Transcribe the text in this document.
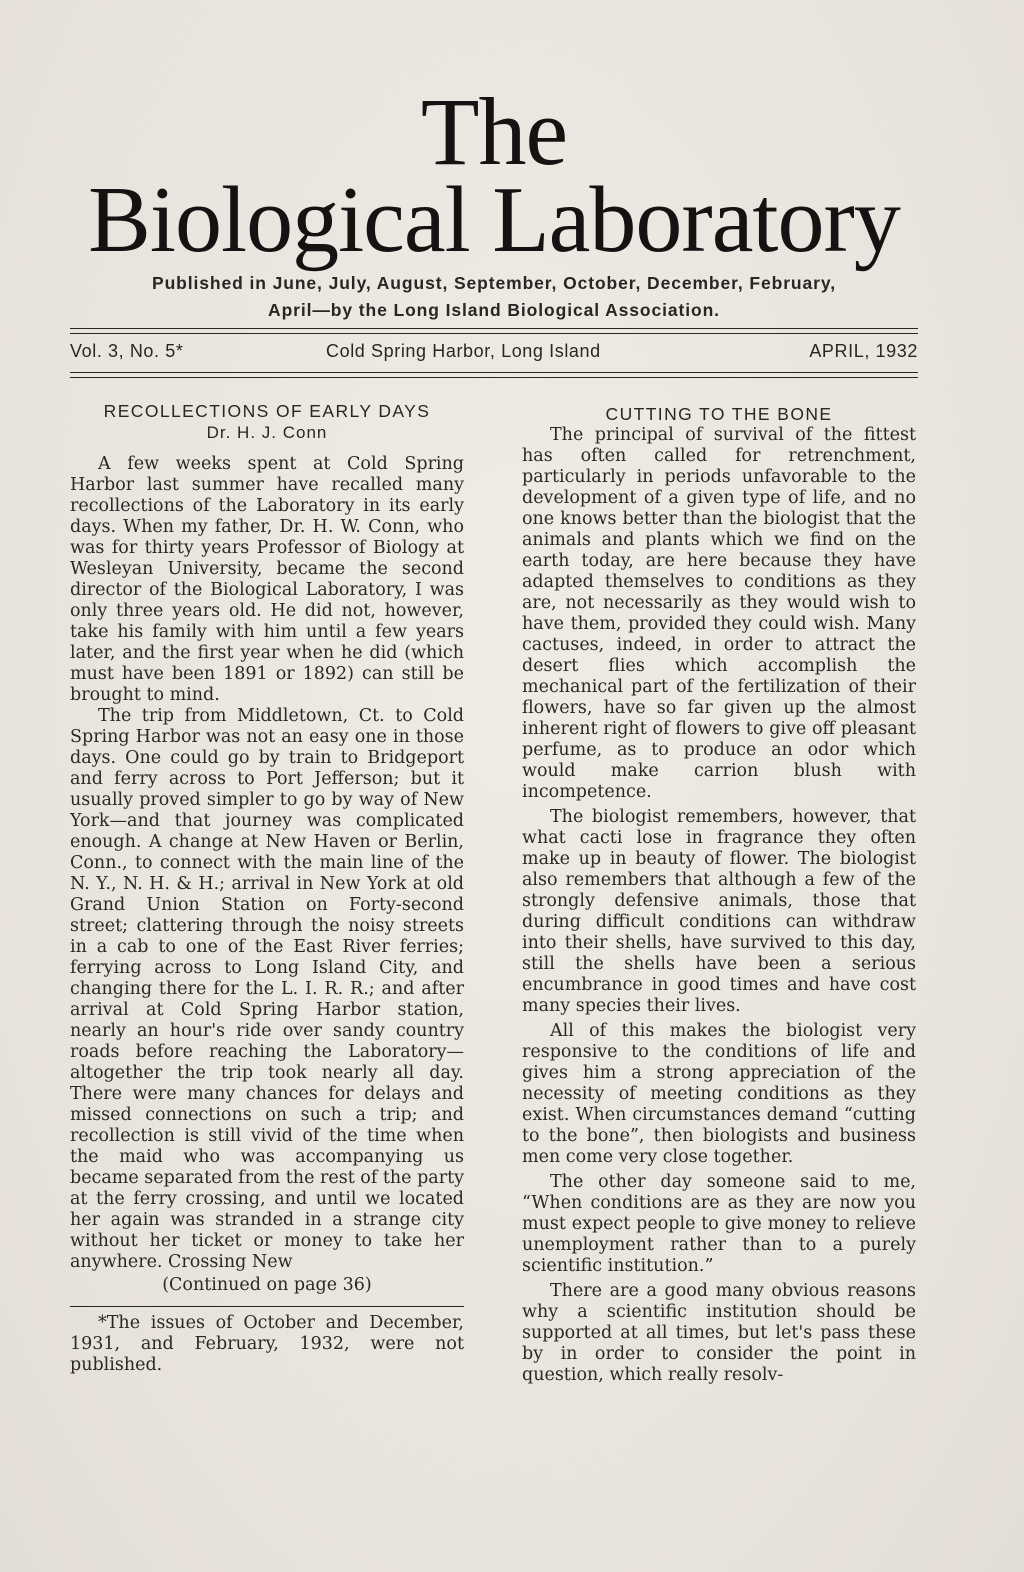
The
Biological Laboratory
Published in June, July, August, September, October, December, February,
April—by the Long Island Biological Association.
Vol. 3, No. 5*	Cold Spring Harbor, Long Island	APRIL, 1932
RECOLLECTIONS OF EARLY DAYS
Dr. H. J. Conn

A few weeks spent at Cold Spring Harbor last summer have recalled many recollections of the Laboratory in its early days. When my father, Dr. H. W. Conn, who was for thirty years Professor of Biology at Wesleyan University, became the second director of the Biological Laboratory, I was only three years old. He did not, however, take his family with him until a few years later, and the first year when he did (which must have been 1891 or 1892) can still be brought to mind.

The trip from Middletown, Ct. to Cold Spring Harbor was not an easy one in those days. One could go by train to Bridgeport and ferry across to Port Jefferson; but it usually proved simpler to go by way of New York—and that journey was complicated enough. A change at New Haven or Berlin, Conn., to connect with the main line of the N. Y., N. H. & H.; arrival in New York at old Grand Union Station on Forty-second street; clattering through the noisy streets in a cab to one of the East River ferries; ferrying across to Long Island City, and changing there for the L. I. R. R.; and after arrival at Cold Spring Harbor station, nearly an hour's ride over sandy country roads before reaching the Laboratory—altogether the trip took nearly all day. There were many chances for delays and missed connections on such a trip; and recollection is still vivid of the time when the maid who was accompanying us became separated from the rest of the party at the ferry crossing, and until we located her again was stranded in a strange city without her ticket or money to take her anywhere. Crossing New

(Continued on page 36)

*The issues of October and December, 1931, and February, 1932, were not published.

CUTTING TO THE BONE

The principal of survival of the fittest has often called for retrenchment, particularly in periods unfavorable to the development of a given type of life, and no one knows better than the biologist that the animals and plants which we find on the earth today, are here because they have adapted themselves to conditions as they are, not necessarily as they would wish to have them, provided they could wish. Many cactuses, indeed, in order to attract the desert flies which accomplish the mechanical part of the fertilization of their flowers, have so far given up the almost inherent right of flowers to give off pleasant perfume, as to produce an odor which would make carrion blush with incompetence.

The biologist remembers, however, that what cacti lose in fragrance they often make up in beauty of flower. The biologist also remembers that although a few of the strongly defensive animals, those that during difficult conditions can withdraw into their shells, have survived to this day, still the shells have been a serious encumbrance in good times and have cost many species their lives.

All of this makes the biologist very responsive to the conditions of life and gives him a strong appreciation of the necessity of meeting conditions as they exist. When circumstances demand “cutting to the bone”, then biologists and business men come very close together.

The other day someone said to me, “When conditions are as they are now you must expect people to give money to relieve unemployment rather than to a purely scientific institution.”

There are a good many obvious reasons why a scientific institution should be supported at all times, but let's pass these by in order to consider the point in question, which really resolv-
